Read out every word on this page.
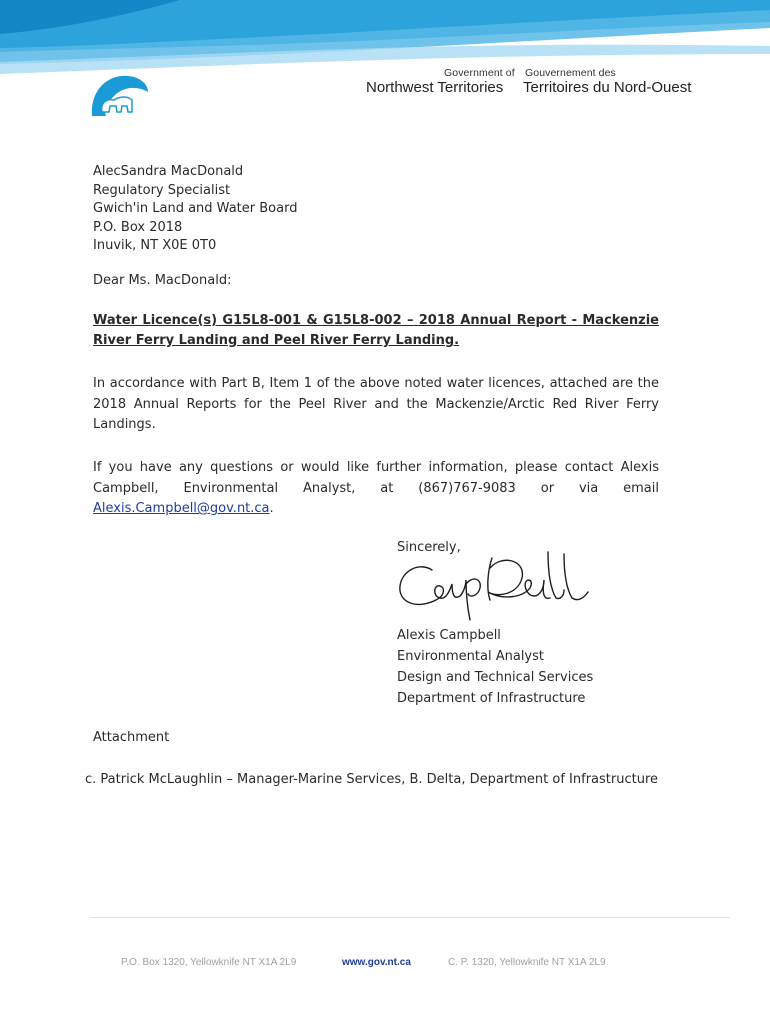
Government of Gouvernement des
Northwest Territories Territoires du Nord-Ouest
AlecSandra MacDonald
Regulatory Specialist
Gwich'in Land and Water Board
P.O. Box 2018
Inuvik, NT X0E 0T0
Dear Ms. MacDonald:
Water Licence(s) G15L8-001 & G15L8-002 – 2018 Annual Report - Mackenzie River Ferry Landing and Peel River Ferry Landing.
In accordance with Part B, Item 1 of the above noted water licences, attached are the 2018 Annual Reports for the Peel River and the Mackenzie/Arctic Red River Ferry Landings.
If you have any questions or would like further information, please contact Alexis Campbell, Environmental Analyst, at (867)767-9083 or via email Alexis.Campbell@gov.nt.ca.
Sincerely,
Alexis Campbell
Environmental Analyst
Design and Technical Services
Department of Infrastructure
Attachment
c. Patrick McLaughlin – Manager-Marine Services, B. Delta, Department of Infrastructure
P.O. Box 1320, Yellowknife NT X1A 2L9	www.gov.nt.ca	C. P. 1320, Yellowknife NT X1A 2L9
